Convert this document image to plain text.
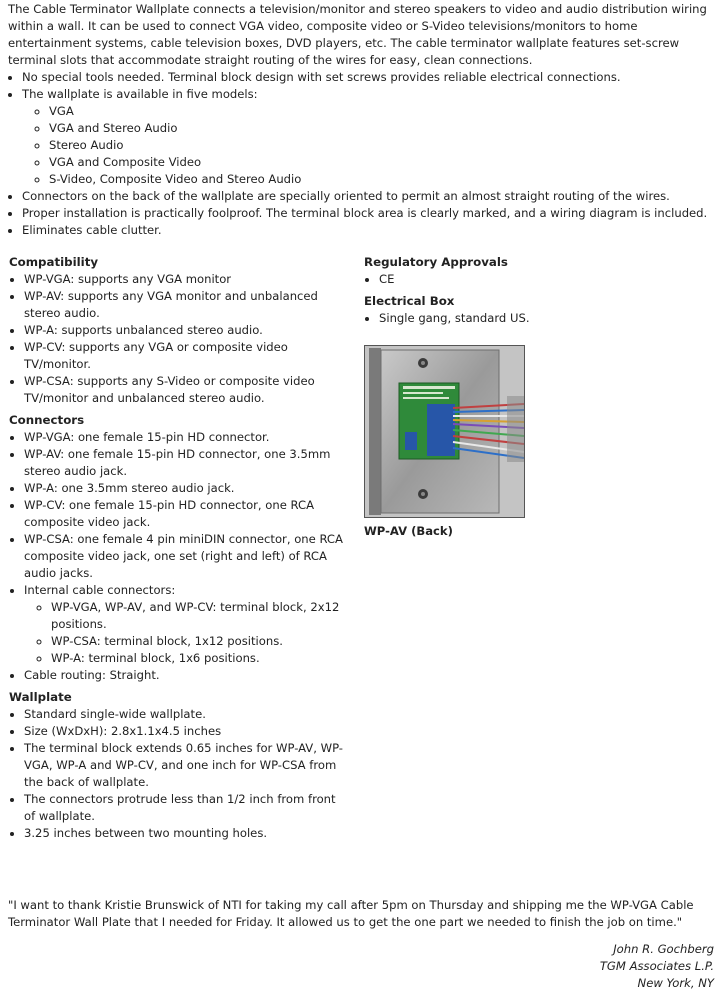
The Cable Terminator Wallplate connects a television/monitor and stereo speakers to video and audio distribution wiring within a wall. It can be used to connect VGA video, composite video or S-Video televisions/monitors to home entertainment systems, cable television boxes, DVD players, etc. The cable terminator wallplate features set-screw terminal slots that accommodate straight routing of the wires for easy, clean connections.

• No special tools needed. Terminal block design with set screws provides reliable electrical connections.
• The wallplate is available in five models:
◦ VGA
◦ VGA and Stereo Audio
◦ Stereo Audio
◦ VGA and Composite Video
◦ S-Video, Composite Video and Stereo Audio
• Connectors on the back of the wallplate are specially oriented to permit an almost straight routing of the wires.
• Proper installation is practically foolproof. The terminal block area is clearly marked, and a wiring diagram is included.
• Eliminates cable clutter.
Compatibility
• WP-VGA: supports any VGA monitor
• WP-AV: supports any VGA monitor and unbalanced stereo audio.
• WP-A: supports unbalanced stereo audio.
• WP-CV: supports any VGA or composite video TV/monitor.
• WP-CSA: supports any S-Video or composite video TV/monitor and unbalanced stereo audio.
Connectors
• WP-VGA: one female 15-pin HD connector.
• WP-AV: one female 15-pin HD connector, one 3.5mm stereo audio jack.
• WP-A: one 3.5mm stereo audio jack.
• WP-CV: one female 15-pin HD connector, one RCA composite video jack.
• WP-CSA: one female 4 pin miniDIN connector, one RCA composite video jack, one set (right and left) of RCA audio jacks.
• Internal cable connectors:
◦ WP-VGA, WP-AV, and WP-CV: terminal block, 2x12 positions.
◦ WP-CSA: terminal block, 1x12 positions.
◦ WP-A: terminal block, 1x6 positions.
• Cable routing: Straight.
Wallplate
• Standard single-wide wallplate.
• Size (WxDxH): 2.8x1.1x4.5 inches
• The terminal block extends 0.65 inches for WP-AV, WP-VGA, WP-A and WP-CV, and one inch for WP-CSA from the back of wallplate.
• The connectors protrude less than 1/2 inch from front of wallplate.
• 3.25 inches between two mounting holes.
Regulatory Approvals
• CE
Electrical Box
• Single gang, standard US.
WP-AV (Back)

"I want to thank Kristie Brunswick of NTI for taking my call after 5pm on Thursday and shipping me the WP-VGA Cable Terminator Wall Plate that I needed for Friday. It allowed us to get the one part we needed to finish the job on time."

John R. Gochberg
TGM Associates L.P.
New York, NY
